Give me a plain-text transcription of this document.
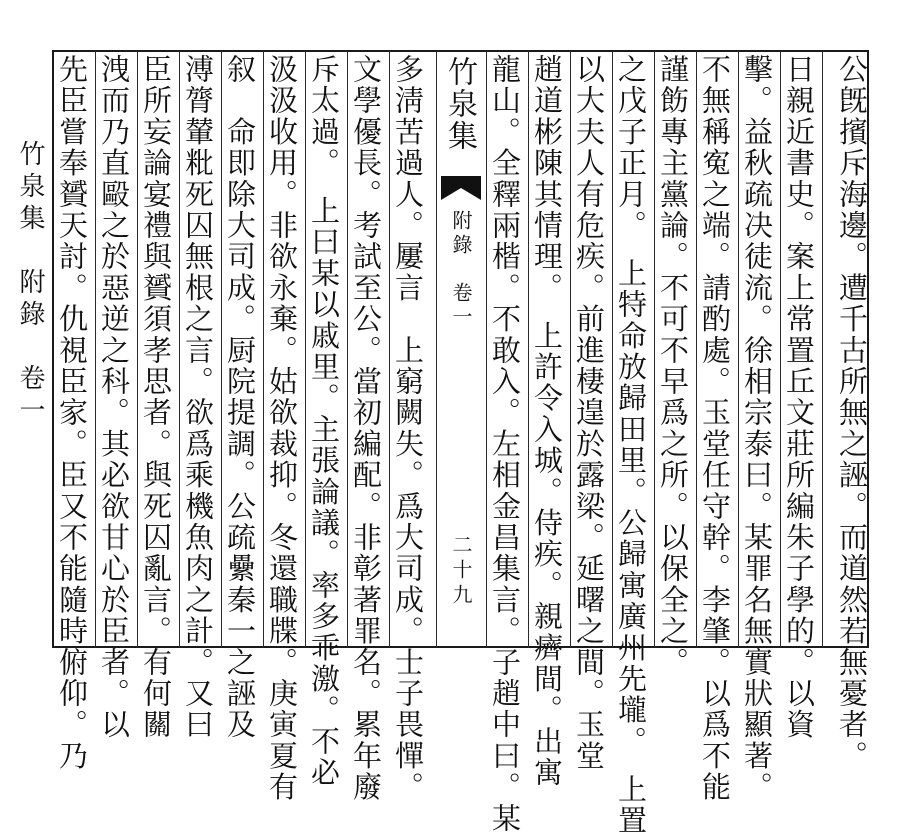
竹泉集　附錄　卷一 先臣嘗奉贇天討。仇視臣家。臣又不能隨時俯仰。乃 洩而乃直毆之於惡逆之科。其必欲甘心於臣者。以 臣所妄論宴禮與贇須孝思者。與死囚亂言。有何關 溥膂輦粃死囚無根之言。欲爲乘機魚肉之計。又曰 叙　命即除大司成。厨院提調。公疏纍秦一之誣及 汲汲收用。非欲永棄。姑欲裁抑。冬還職牒。庚寅夏有 斥太過。　上曰某以戚里。主張論議。率多乖激。不必 文學優長。考試至公。當初編配。非彰著罪名。累年廢 多淸苦過人。屢言　上窮闕失。爲大司成。士子畏憚。 竹泉集
附錄　卷一
二十九 龍山。全釋兩楷。不敢入。左相金昌集言。子趙中曰。某 趙道彬陳其情理。　上許令入城。侍疾。親癠間。出寓 以大夫人有危疾。前進棲遑於露梁。延曙之間。玉堂 之戊子正月。　上特命放歸田里。公歸寓廣州先壠。　上置 謹飭專主黨論。不可不早爲之所。以保全之。 不無稱寃之端。請酌處。玉堂任守幹。李肇。以爲不能 擊。益秋疏决徒流。徐相宗泰曰。某罪名無實狀顯著。 日親近書史。案上常置丘文莊所編朱子學的。以資 公旣擯斥海邊。遭千古所無之誣。而道然若無憂者。
